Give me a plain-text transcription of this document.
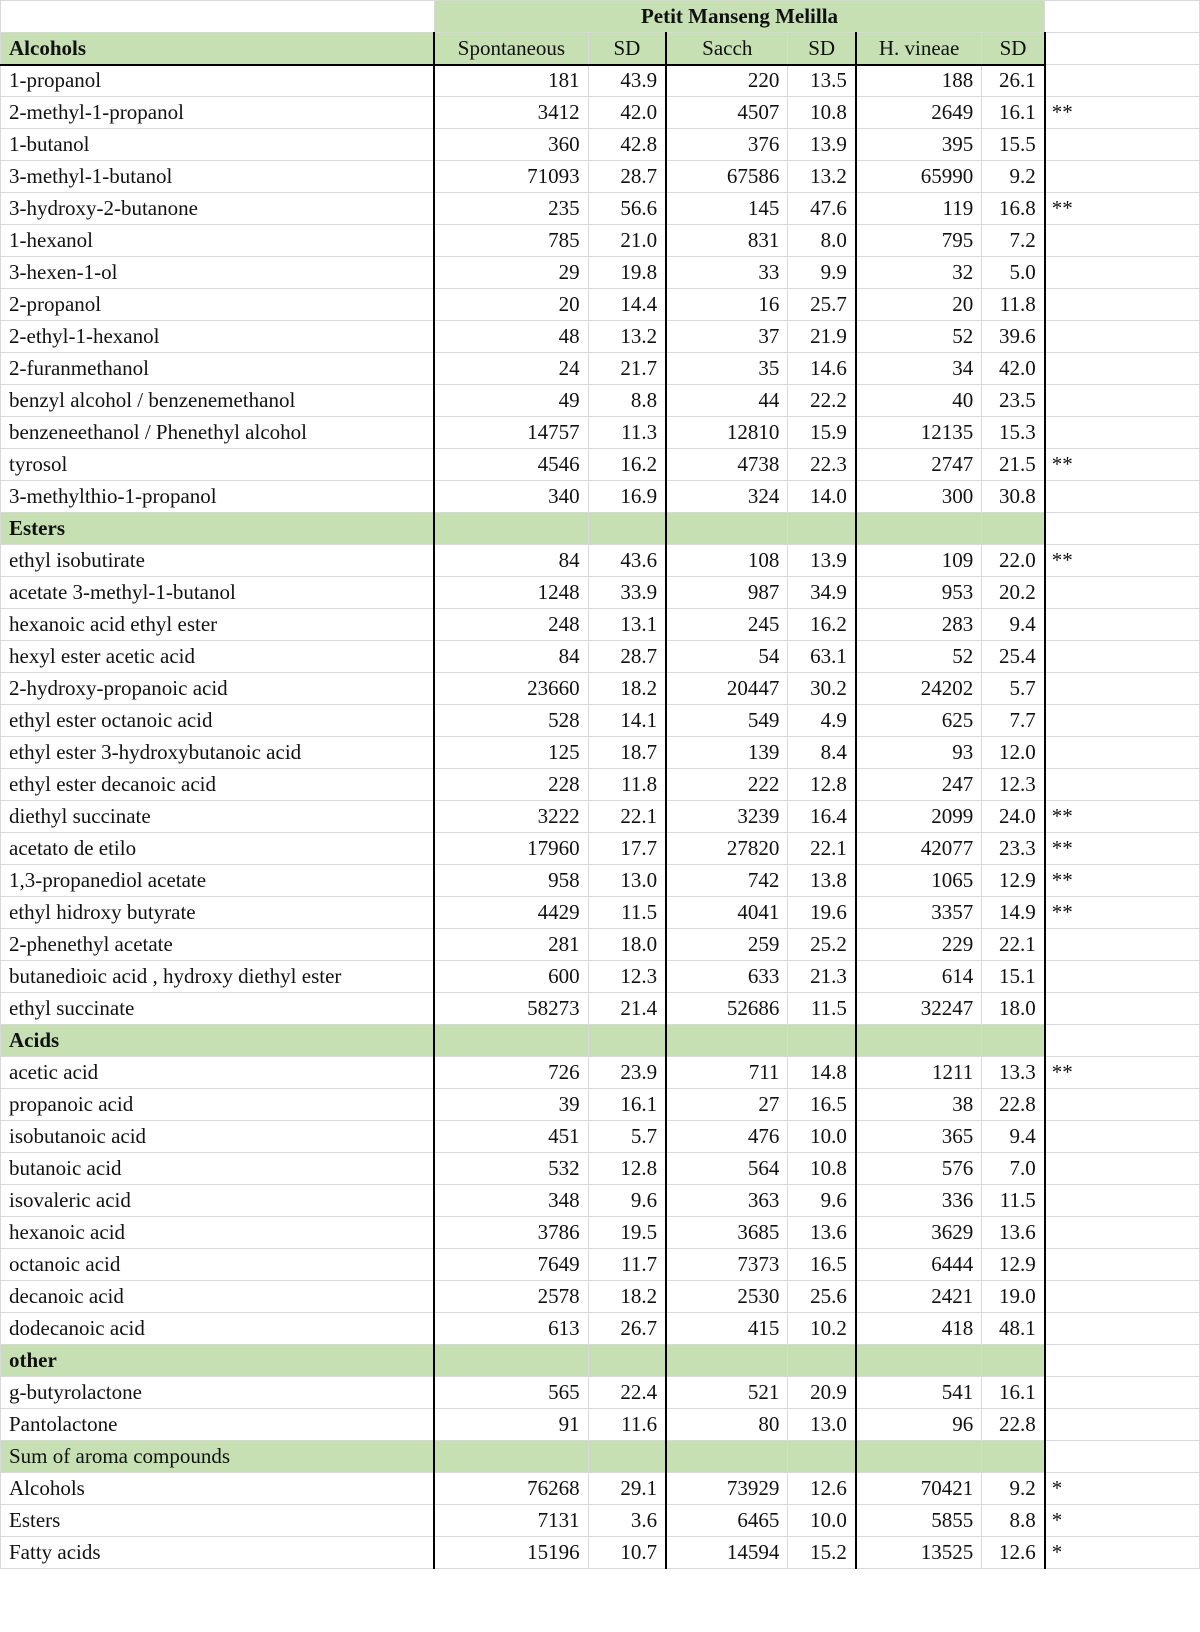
	Petit Manseng Melilla						
Alcohols	Spontaneous	SD	Sacch	SD	H. vineae	SD	
1-propanol	181	43.9	220	13.5	188	26.1	
2-methyl-1-propanol	3412	42.0	4507	10.8	2649	16.1	**
1-butanol	360	42.8	376	13.9	395	15.5	
3-methyl-1-butanol	71093	28.7	67586	13.2	65990	9.2	
3-hydroxy-2-butanone	235	56.6	145	47.6	119	16.8	**
1-hexanol	785	21.0	831	8.0	795	7.2	
3-hexen-1-ol	29	19.8	33	9.9	32	5.0	
2-propanol	20	14.4	16	25.7	20	11.8	
2-ethyl-1-hexanol	48	13.2	37	21.9	52	39.6	
2-furanmethanol	24	21.7	35	14.6	34	42.0	
benzyl alcohol / benzenemethanol	49	8.8	44	22.2	40	23.5	
benzeneethanol / Phenethyl alcohol	14757	11.3	12810	15.9	12135	15.3	
tyrosol	4546	16.2	4738	22.3	2747	21.5	**
3-methylthio-1-propanol	340	16.9	324	14.0	300	30.8	
Esters							
ethyl isobutirate	84	43.6	108	13.9	109	22.0	**
acetate 3-methyl-1-butanol	1248	33.9	987	34.9	953	20.2	
hexanoic acid ethyl ester	248	13.1	245	16.2	283	9.4	
hexyl ester acetic acid	84	28.7	54	63.1	52	25.4	
2-hydroxy-propanoic acid	23660	18.2	20447	30.2	24202	5.7	
ethyl ester octanoic acid	528	14.1	549	4.9	625	7.7	
ethyl ester 3-hydroxybutanoic acid	125	18.7	139	8.4	93	12.0	
ethyl ester decanoic acid	228	11.8	222	12.8	247	12.3	
diethyl succinate	3222	22.1	3239	16.4	2099	24.0	**
acetato de etilo	17960	17.7	27820	22.1	42077	23.3	**
1,3-propanediol acetate	958	13.0	742	13.8	1065	12.9	**
ethyl hidroxy butyrate	4429	11.5	4041	19.6	3357	14.9	**
2-phenethyl acetate	281	18.0	259	25.2	229	22.1	
butanedioic acid , hydroxy diethyl ester	600	12.3	633	21.3	614	15.1	
ethyl succinate	58273	21.4	52686	11.5	32247	18.0	
Acids							
acetic acid	726	23.9	711	14.8	1211	13.3	**
propanoic acid	39	16.1	27	16.5	38	22.8	
isobutanoic acid	451	5.7	476	10.0	365	9.4	
butanoic acid	532	12.8	564	10.8	576	7.0	
isovaleric acid	348	9.6	363	9.6	336	11.5	
hexanoic acid	3786	19.5	3685	13.6	3629	13.6	
octanoic acid	7649	11.7	7373	16.5	6444	12.9	
decanoic acid	2578	18.2	2530	25.6	2421	19.0	
dodecanoic acid	613	26.7	415	10.2	418	48.1	
other							
g-butyrolactone	565	22.4	521	20.9	541	16.1	
Pantolactone	91	11.6	80	13.0	96	22.8	
Sum of aroma compounds							
Alcohols	76268	29.1	73929	12.6	70421	9.2	*
Esters	7131	3.6	6465	10.0	5855	8.8	*
Fatty acids	15196	10.7	14594	15.2	13525	12.6	*
